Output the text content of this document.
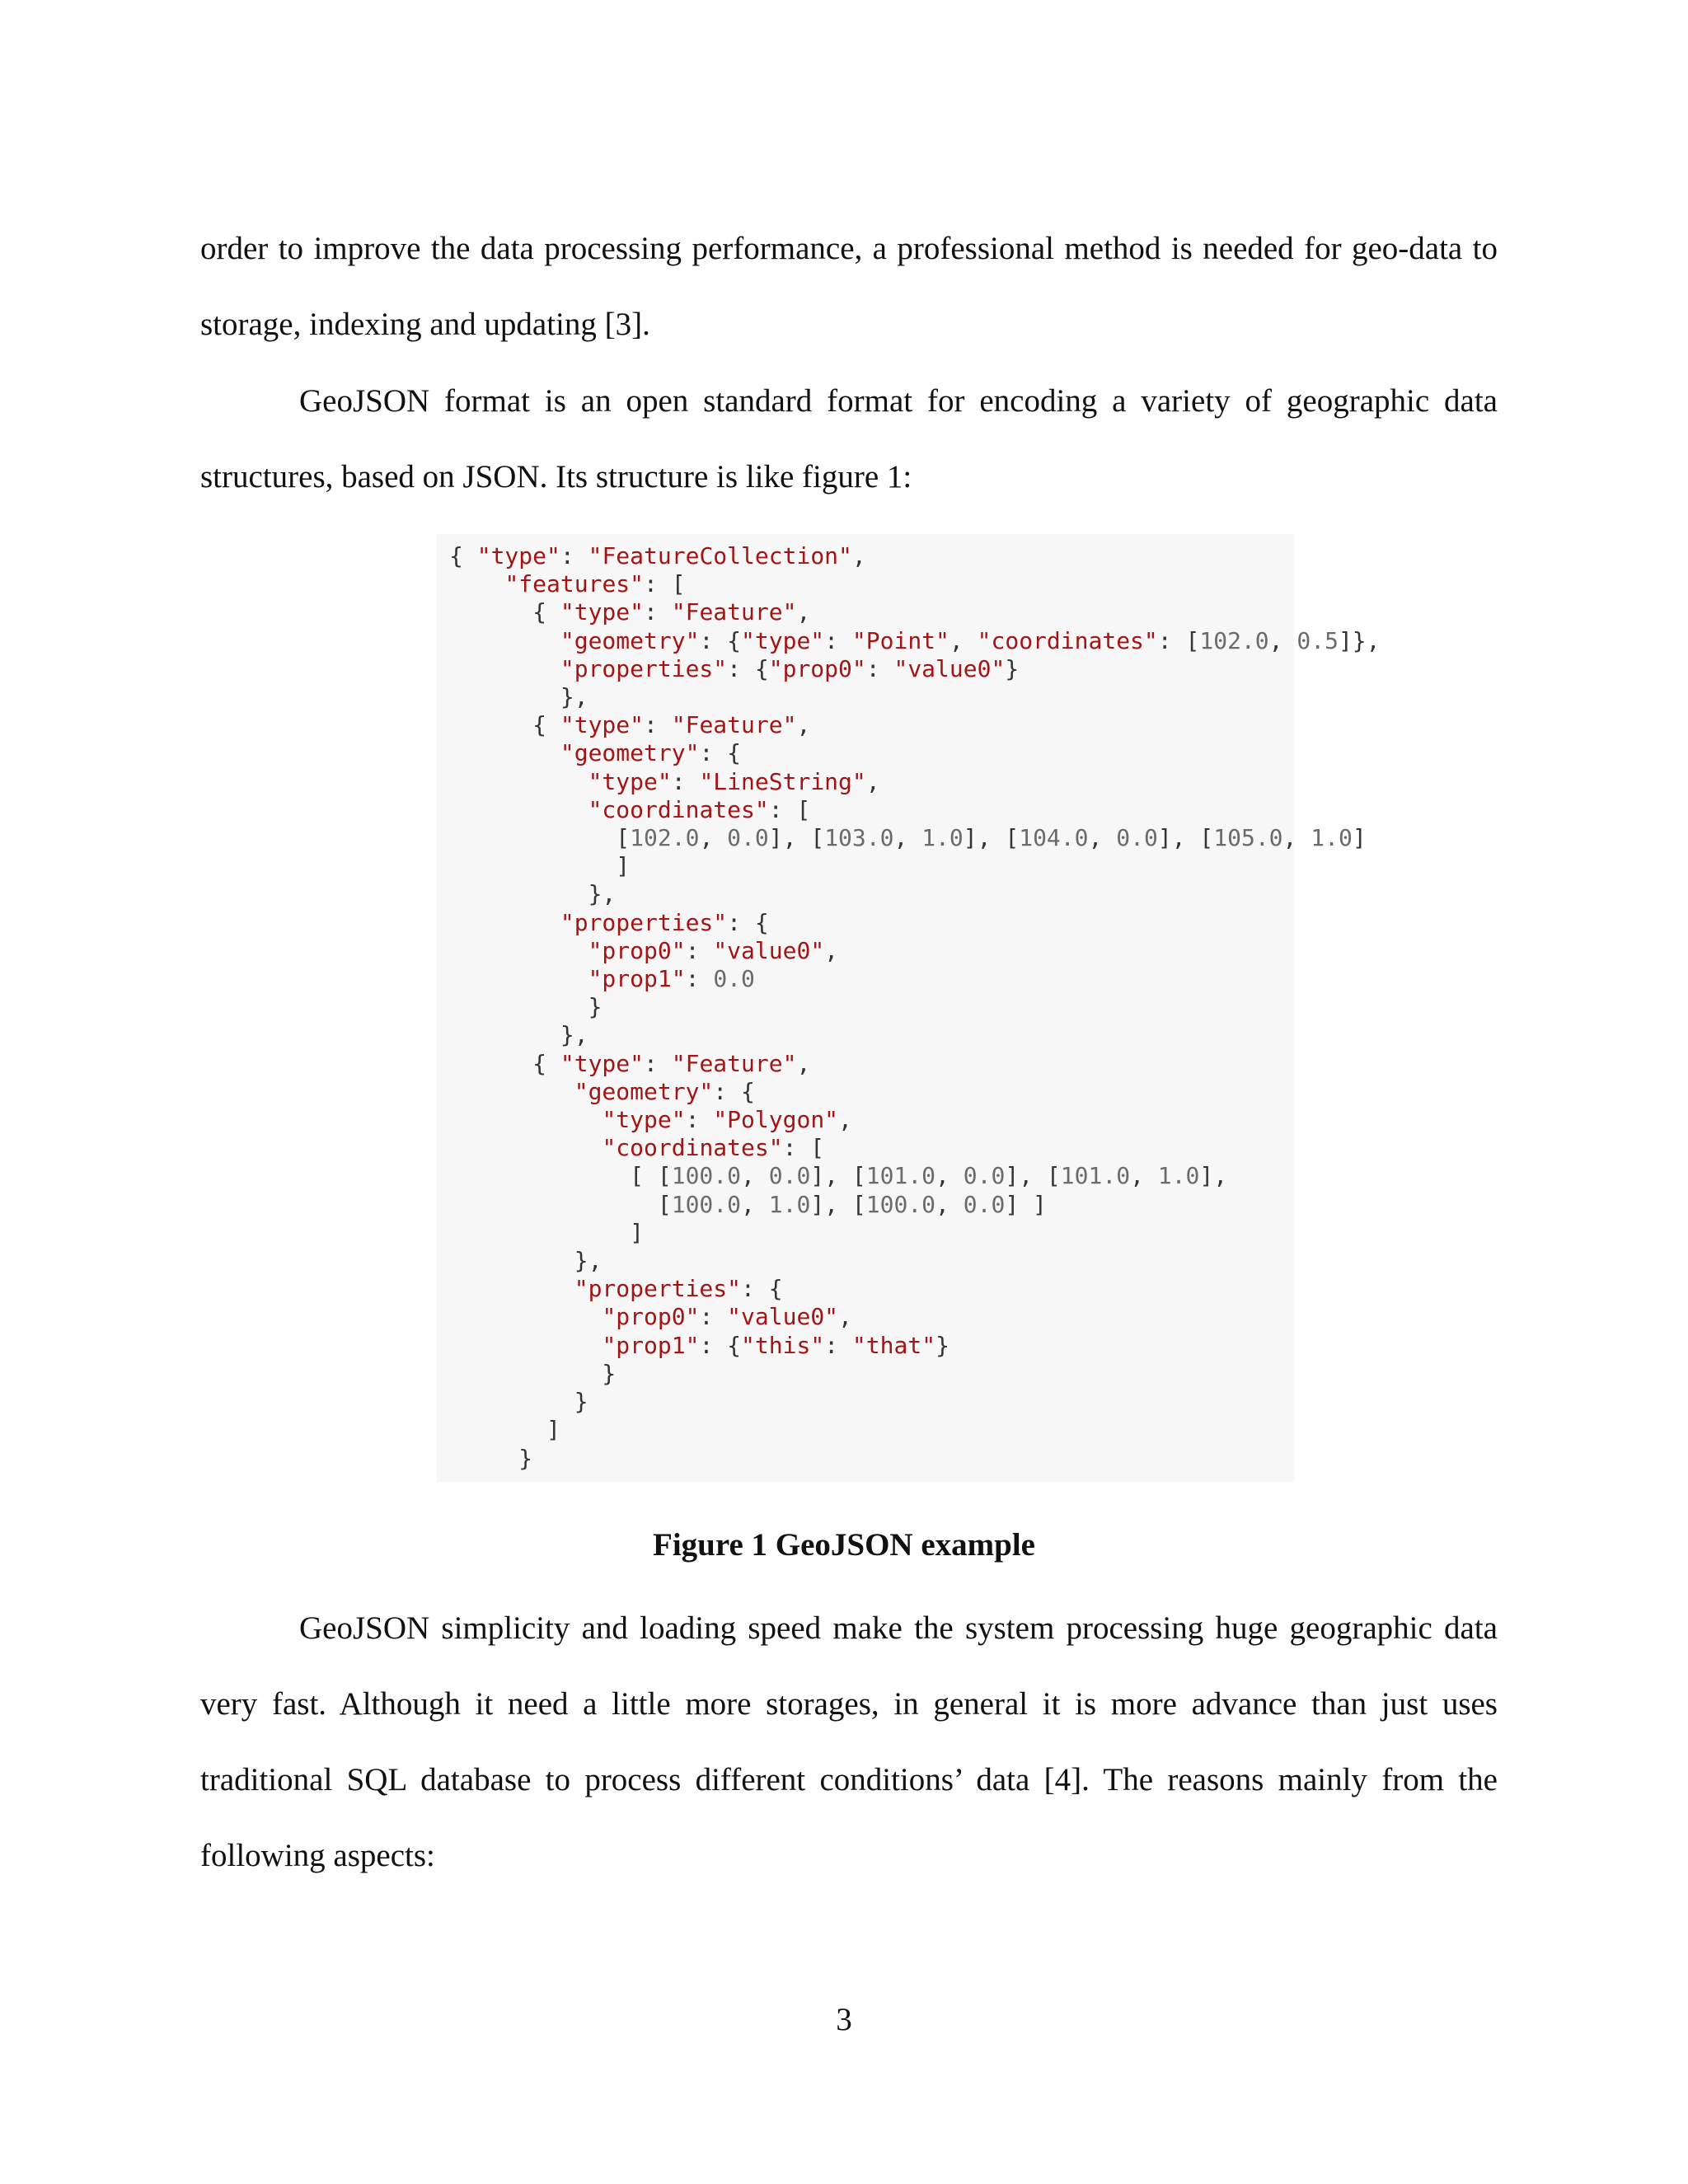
order to improve the data processing performance, a professional method is needed for geo-data to storage, indexing and updating [3].

GeoJSON format is an open standard format for encoding a variety of geographic data structures, based on JSON. Its structure is like figure 1:

{ "type": "FeatureCollection",
"features": [
{ "type": "Feature",
"geometry": {"type": "Point", "coordinates": [102.0, 0.5]},
"properties": {"prop0": "value0"}
},
{ "type": "Feature",
"geometry": {
"type": "LineString",
"coordinates": [
[102.0, 0.0], [103.0, 1.0], [104.0, 0.0], [105.0, 1.0]
]
},
"properties": {
"prop0": "value0",
"prop1": 0.0
}
},
{ "type": "Feature",
"geometry": {
"type": "Polygon",
"coordinates": [
[ [100.0, 0.0], [101.0, 0.0], [101.0, 1.0],
[100.0, 1.0], [100.0, 0.0] ]
]
},
"properties": {
"prop0": "value0",
"prop1": {"this": "that"}
}
}
]
}

Figure 1 GeoJSON example

GeoJSON simplicity and loading speed make the system processing huge geographic data very fast. Although it need a little more storages, in general it is more advance than just uses traditional SQL database to process different conditions’ data [4]. The reasons mainly from the following aspects:

3
